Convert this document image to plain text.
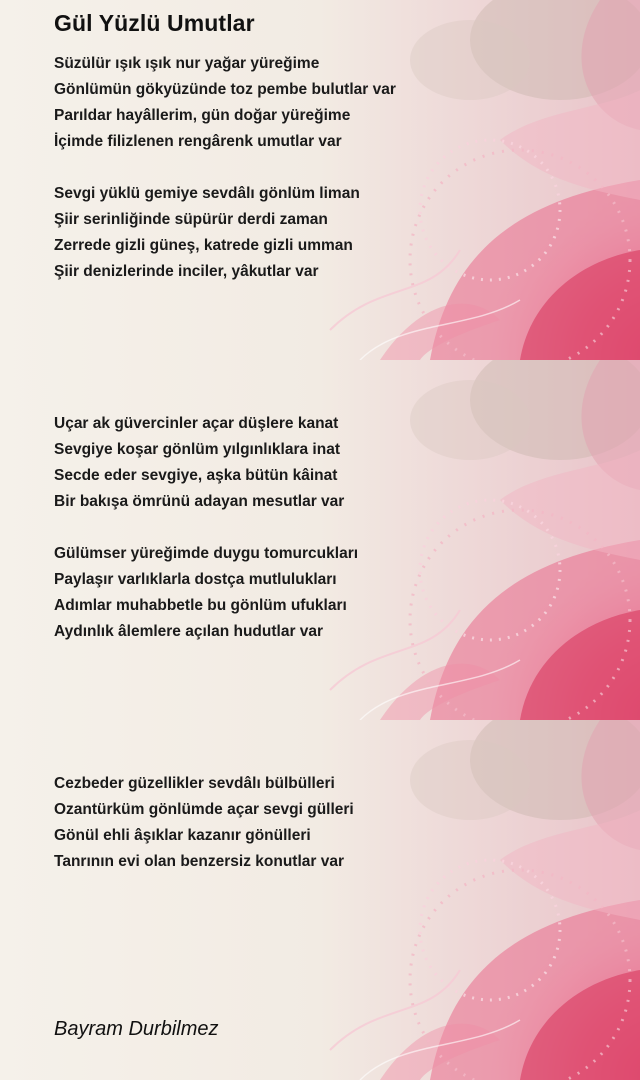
Gül Yüzlü Umutlar
Süzülür ışık ışık nur yağar yüreğime
Gönlümün gökyüzünde toz pembe bulutlar var
Parıldar hayâllerim, gün doğar yüreğime
İçimde filizlenen rengârenk umutlar var
Sevgi yüklü gemiye sevdâlı gönlüm liman
Şiir serinliğinde süpürür derdi zaman
Zerrede gizli güneş, katrede gizli umman
Şiir denizlerinde inciler, yâkutlar var
Uçar ak güvercinler açar düşlere kanat
Sevgiye koşar gönlüm yılgınlıklara inat
Secde eder sevgiye, aşka bütün kâinat
Bir bakışa ömrünü adayan mesutlar var
Gülümser yüreğimde duygu tomurcukları
Paylaşır varlıklarla dostça mutlulukları
Adımlar muhabbetle bu gönlüm ufukları
Aydınlık âlemlere açılan hudutlar var
Cezbeder güzellikler sevdâlı bülbülleri
Ozantürküm gönlümde açar sevgi gülleri
Gönül ehli âşıklar kazanır gönülleri
Tanrının evi olan benzersiz konutlar var
Bayram Durbilmez
